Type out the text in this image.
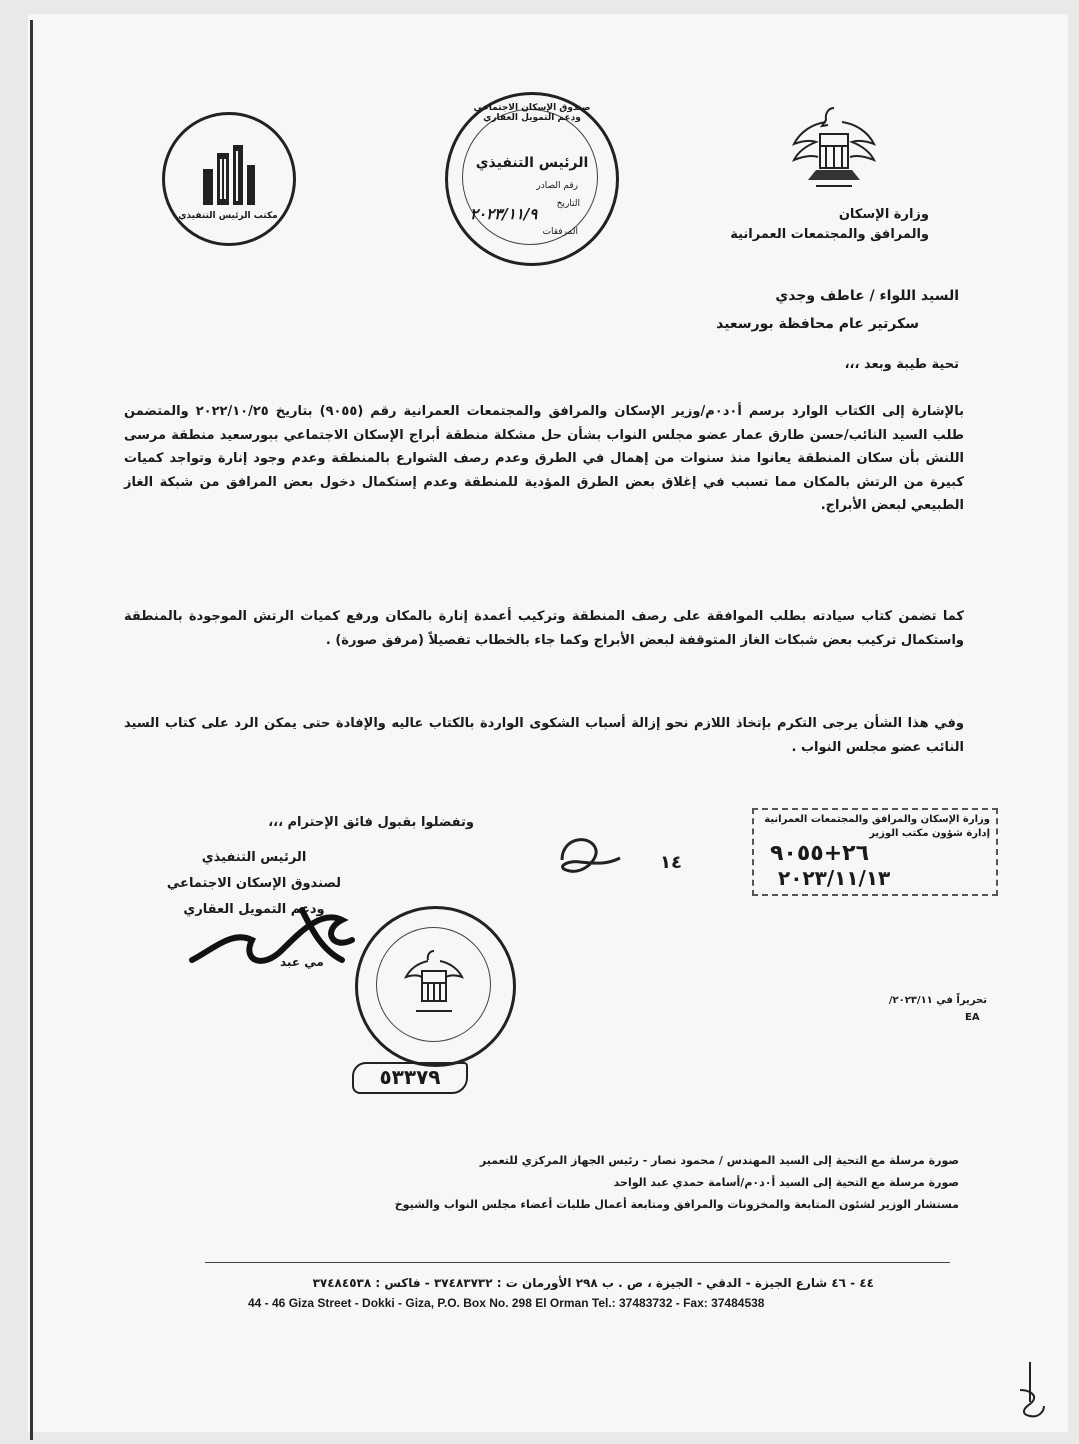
وزارة الإسكان
والمرافق والمجتمعات العمرانية
صندوق الإسكان الاجتماعي ودعم التمويل العقاري
الرئيس التنفيذي
رقم الصادر
التاريخ
٢٠٢٣/١١/٩
المرفقات
مكتب الرئيس التنفيذي
السيد اللواء / عاطف وجدي
سكرتير عام محافظة بورسعيد
تحية طيبة وبعد ،،،
بالإشارة إلى الكتاب الوارد برسم أ٠د٠م/وزير الإسكان والمرافق والمجتمعات العمرانية رقم (٩٠٥٥) بتاريخ ٢٠٢٢/١٠/٢٥ والمتضمن طلب السيد النائب/حسن طارق عمار عضو مجلس النواب بشأن حل مشكلة منطقة أبراج الإسكان الاجتماعي ببورسعيد منطقة مرسى اللنش بأن سكان المنطقة يعانوا منذ سنوات من إهمال في الطرق وعدم رصف الشوارع بالمنطقة وعدم وجود إنارة وتواجد كميات كبيرة من الرتش بالمكان مما تسبب في إغلاق بعض الطرق المؤدية للمنطقة وعدم إستكمال دخول بعض المرافق من شبكة الغاز الطبيعي لبعض الأبراج.
كما تضمن كتاب سيادته بطلب الموافقة على رصف المنطقة وتركيب أعمدة إنارة بالمكان ورفع كميات الرتش الموجودة بالمنطقة واستكمال تركيب بعض شبكات الغاز المتوقفة لبعض الأبراج وكما جاء بالخطاب تفصيلاً (مرفق صورة) .
وفي هذا الشأن يرجى التكرم بإتخاذ اللازم نحو إزالة أسباب الشكوى الواردة بالكتاب عاليه والإفادة حتى يمكن الرد على كتاب السيد النائب عضو مجلس النواب .
وتفضلوا بقبول فائق الإحترام ،،،	وزارة الإسكان والمرافق والمجتمعات العمرانية
إدارة شؤون مكتب الوزير
٢٦+٩٠٥٥
٢٠٢٣/١١/١٣
١٤
الرئيس التنفيذي
لصندوق الإسكان الاجتماعي
ودعم التمويل العقاري
مي عبد
٥٣٣٧٩
تحريراً في ٢٠٢٣/١١/
EA
صورة مرسلة مع التحية إلى السيد المهندس / محمود نصار - رئيس الجهاز المركزي للتعمير
صورة مرسلة مع التحية إلى السيد أ٠د٠م/أسامة حمدي عبد الواحد
مستشار الوزير لشئون المتابعة والمخزونات والمرافق ومتابعة أعمال طلبات أعضاء مجلس النواب والشيوخ
٤٤ - ٤٦ شارع الجيزة - الدقي - الجيزة ، ص . ب ٢٩٨ الأورمان ت : ٣٧٤٨٣٧٣٢ - فاكس : ٣٧٤٨٤٥٣٨
44 - 46 Giza Street - Dokki - Giza, P.O. Box No. 298 El Orman Tel.: 37483732 - Fax: 37484538
